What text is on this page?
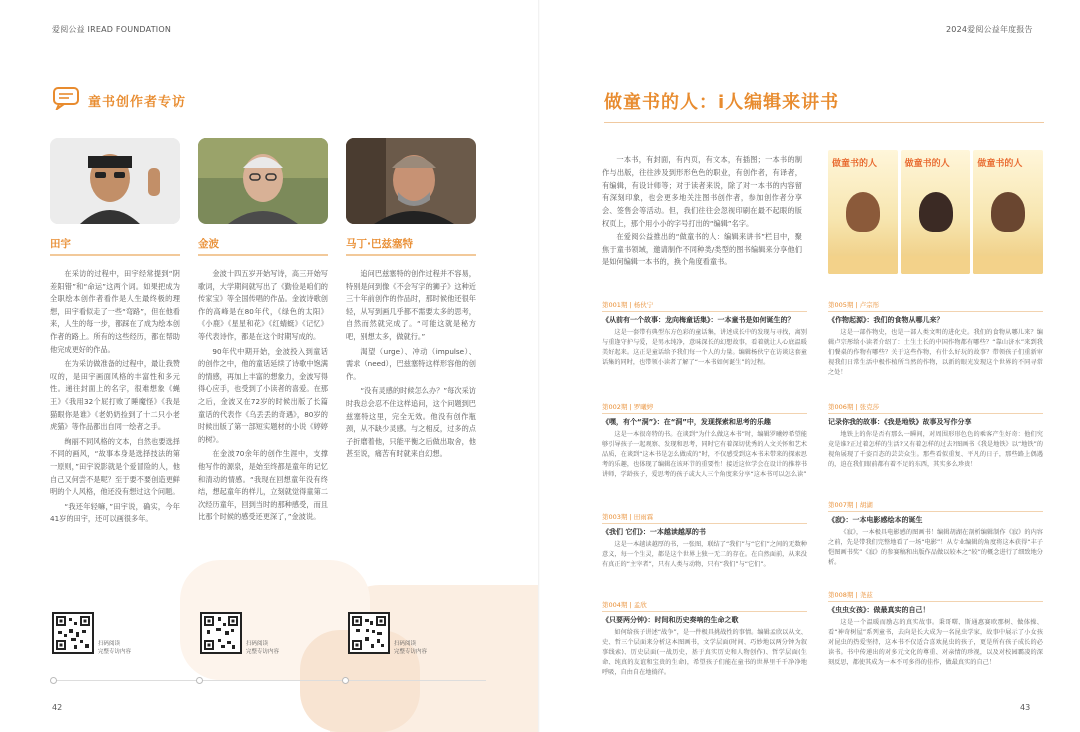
爱阅公益 IREAD FOUNDATION
童书创作者专访
田宇	金波	马丁·巴兹塞特

在采访的过程中，田宇经常提到“阴差阳错”和“命运”这两个词。如果把成为全职绘本创作者看作是人生最终极的理想，田宇看似走了一些“弯路”，但在他看来，人生的每一步，都踩在了成为绘本创作者的路上。所有的这些经历，都在帮助他完成更好的作品。

在为采访做准备的过程中，最让我赞叹的，是田宇画面风格的丰富性和多元性。递往封面上的名字，很难想象《蝇王》《我用32个屁打败了睡魔怪》《我是猫眼你是谁》《老奶奶捡到了十二只小老虎猫》等作品都出自同一绘者之手。

绚丽不同风格的文本，自然也要选择不同的画风，“故事本身是选择技法的第一原则，”田宇说影就是个爱冒险的人，他自己又何尝不是呢？至于要不要创造更鲜明的个人风格，他还没有想过这个问题。

“我还年轻嘛，”田宇说，确实，今年41岁的田宇，还可以画很多年。

金波十四五岁开始写诗，高三开始写歌词，大学期间就写出了《勤俭是咱们的传家宝》等全国传唱的作品。金波诗歌创作的高峰是在80年代，《绿色的太阳》《小鹿》《星星和花》《红蜻蜓》《记忆》等代表诗作，都是在这个时期写成的。

90年代中期开始，金波投入到童话的创作之中，他的童话延续了诗歌中饱满的情感，再加上丰富的想象力，金波写得得心应手，也受到了小读者的喜爱。在那之后，金波又在72岁的时候出版了长篇童话的代表作《乌丢丢的奇遇》，80岁的时候出版了第一部短实题材的小说《婷婷的树》。

在金波70余年的创作生涯中，支撑他写作的源泉，是始至终都是童年的记忆和清动的情感。“我现在回想童年没有终结，想起童年的样儿，立刻就觉得童第二次经历童年，回到当时的那种感受，而且比那个时候的感受还更深了，”金波说。

追问巴兹塞特的创作过程并不容易，特别是问到像《不会写字的狮子》这种近三十年前创作的作品时，那时候他还很年轻，从写到画几乎都不需要太多的思考，自然而然就完成了。“可能这就是秘方吧，别想太多，做就行。”

渴望（urge）、冲动（impulse）、需求（need），巴兹塞特这样形容他的创作。

“没有灵感的时候怎么办？”每次采访时我总会忍不住这样追问，这个问题到巴兹塞特这里，完全无效。他没有创作瓶颈，从不缺少灵感。与之相反，过多的点子折磨着他，只能平衡之后做出取舍，他甚至说，痛苦有时就来自幻想。

扫码阅读
完整专访内容
扫码阅读
完整专访内容
扫码阅读
完整专访内容
42
2024爱阅公益年度报告
做童书的人：i人编辑来讲书

一本书，有封面，有内页，有文本，有插图；一本书的制作与出版，往往涉及到形形色色的职业，有创作者，有译者，有编辑，有设计师等；对于读者来说，除了对一本书的内容留有深刻印象，也会更多地关注图书创作者，参加创作者分享会、签售会等活动。但，我们往往会忽视印刷在最不起眼的版权页上，那个用小小的字号打出的“编辑”名字。

在爱阅公益推出的“做童书的人：编辑来讲书”栏目中，聚焦于童书领域，邀请制作不同种类/类型的图书编辑来分享他们是如何编辑一本书的，换个角度看童书。

做童书的人	做童书的人	做童书的人
第001期 | 杨伙宁
《从前有一个故事：龙向梅童话集》：一本童书是如何诞生的？
这是一套带有典型东方色彩的童话集，讲述成长中的发现与寻找，离别与重逢守护与爱，是男永纯净，意味深长的幻想故事，看着就让人心底温暖美好起来。这正是童话给予我们每一个人的力量。编辑杨伙宁在访谈这套童话集的同时，也带领小读者了解了“一本书如何诞生”的过程。
第002期 | 罗曦婷
《嘿，有个“洞”》：在“洞”中，发现探索和思考的乐趣
这是一本很奇特的书。在谈到“为什么做这本书”时，编辑罗曦婷希望能够引导孩子一起观察、发现和思考，同时它有着深切优秀的人文关怀和艺术品质，在谈到“这本书是怎么做成的”时，不仅感受到这本书未带来的探索思考的乐趣，也体现了编辑在该环节的重要性！接近这位学会在设计的推荐书讲师，学龄孩子，爱思考的孩子或大人三个角度来分享“这本书可以怎么读”
第003期 | 田雨霖
《我们 它们》：一本越读越厚的书
这是一本越读越厚的书，一张图，联结了“我们”与“它们”之间的无数种意义，每一个生灵，都是这个世界上独一无二的存在。在自然面前，从来没有真正的“主宰者”，只有人类与动物，只有“我们”与“它们”。
第004期 | 孟欣
《只要两分钟》：时间和历史奏响的生命之歌
如何给孩子讲述“战争”，是一件极具挑战性的事情。编辑孟欣以从文、史、哲三个层面来分析这本图画书，文学层面(时间、巧妙地以两分钟为叙事线索)、历史层面(一战历史，基于真实历史和人物创作)、哲学层面(生命、纯真的友谊和宝贵的生命)，希望孩子们能在童书的世界里千千净净地呼吸，自由自在地徜徉。
第005期 | 卢宗彤
《作物起源》：我们的食物从哪儿来？
这是一部作物史，也是一部人类文明的进化史。我们的食物从哪儿来？编辑卢宗彤给小读者介绍了：土生土长的中国作物都有哪些？“靠山济水”来到我们餐桌的作物有哪些？关于这些作物，有什么好玩的故事？带领孩子们重新审视我们日常生活中极作植所当然的作物，以新的眼光发现这个世界的不同寻常之处！
第006期 | 张克莎
记录你我的故事：《我是地铁》故事及写作分享
地铁上的你是否有那么一瞬间，对周围形形色色的乘客产生好奇：他们究竟是谁?正过着怎样的生活?又有着怎样的过去?图画书《我是地铁》以“地铁”的视角展现了千姿百态的芸芸众生。那些看似重复、平凡的日子，那些路上偶遇的，迫在我们眼前都有着不足的东西，其实多么珍贵！
第007期 | 胡湖
《寂》：一本电影感绘本的诞生
《寂》，一本极具电影感的图画书！编辑胡湖在剖析编辑制作《寂》的内容之前，先是带我们完整地看了一场“电影”！从专业编辑的角度将这本获得“丰子恺图画书奖”《寂》的参赛稿和出版作品做以较本之“较”的概念进行了细致地分析。
第008期 | 尧兹
《虫虫女孩》：做最真实的自己！
这是一个温暖而励志的真实故事。秉哥曙、斯通惠赛欧那树、做体操、看“神奇树屋”系列童书，去向是长大成为一名昆虫学家，故事中展示了小女孩对昆虫的热爱坚持，这本书不仅适合喜欢昆虫的孩子，更是所有孩子成长的必读书。书中传递出的对多元文化的尊重、对亲情的珍视，以及对校园霸凌的深刻反思，都使其成为一本不可多得的佳作，做最真实的自己！
43
